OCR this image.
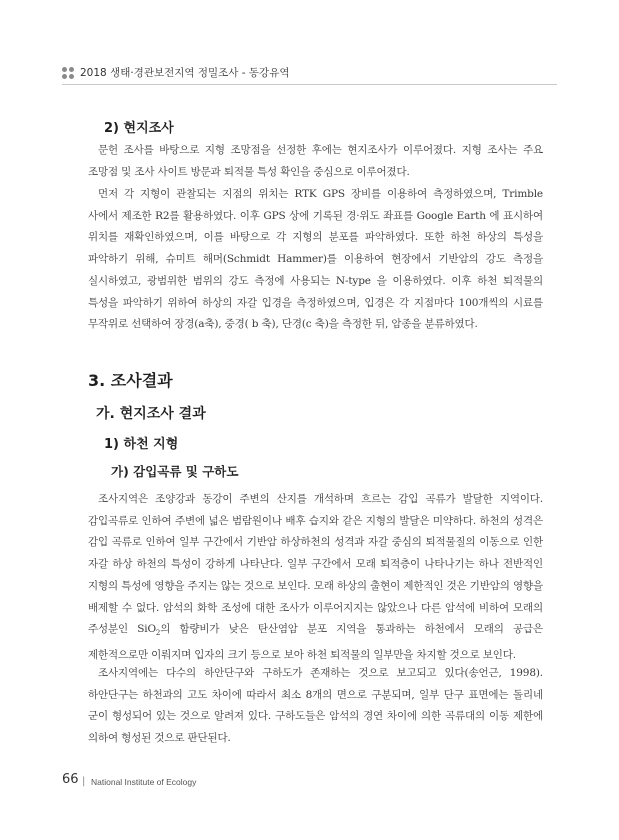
2018 생태·경관보전지역 정밀조사 - 동강유역
2) 현지조사
문헌 조사를 바탕으로 지형 조망점을 선정한 후에는 현지조사가 이루어졌다. 지형 조사는 주요 조망점 및 조사 사이트 방문과 퇴적물 특성 확인을 중심으로 이루어졌다.
먼저 각 지형이 관찰되는 지점의 위치는 RTK GPS 장비를 이용하여 측정하였으며, Trimble 사에서 제조한 R2를 활용하였다. 이후 GPS 상에 기록된 경·위도 좌표를 Google Earth 에 표시하여 위치를 재확인하였으며, 이를 바탕으로 각 지형의 분포를 파악하였다. 또한 하천 하상의 특성을 파악하기 위해, 슈미트 해머(Schmidt Hammer)를 이용하여 현장에서 기반암의 강도 측정을 실시하였고, 광범위한 범위의 강도 측정에 사용되는 N-type 을 이용하였다. 이후 하천 퇴적물의 특성을 파악하기 위하여 하상의 자갈 입경을 측정하였으며, 입경은 각 지점마다 100개씩의 시료를 무작위로 선택하여 장경(a축), 중경( b 축), 단경(c 축)을 측정한 뒤, 암종을 분류하였다.
3. 조사결과
가. 현지조사 결과
1) 하천 지형
가) 감입곡류 및 구하도
조사지역은 조양강과 동강이 주변의 산지를 개석하며 흐르는 감입 곡류가 발달한 지역이다. 감입곡류로 인하여 주변에 넓은 범람원이나 배후 습지와 같은 지형의 발달은 미약하다. 하천의 성격은 감입 곡류로 인하여 일부 구간에서 기반암 하상하천의 성격과 자갈 중심의 퇴적물질의 이동으로 인한 자갈 하상 하천의 특성이 강하게 나타난다. 일부 구간에서 모래 퇴적층이 나타나기는 하나 전반적인 지형의 특성에 영향을 주지는 않는 것으로 보인다. 모래 하상의 출현이 제한적인 것은 기반암의 영향을 배제할 수 없다. 암석의 화학 조성에 대한 조사가 이루어지지는 않았으나 다른 암석에 비하여 모래의 주성분인 SiO$_2$의 함량비가 낮은 탄산염암 분포 지역을 통과하는 하천에서 모래의 공급은 제한적으로만 이뤄지며 입자의 크기 등으로 보아 하천 퇴적물의 일부만을 차지할 것으로 보인다.
조사지역에는 다수의 하안단구와 구하도가 존재하는 것으로 보고되고 있다(송언근, 1998). 하안단구는 하천과의 고도 차이에 따라서 최소 8개의 면으로 구분되며, 일부 단구 표면에는 돌리네 군이 형성되어 있는 것으로 알려져 있다. 구하도들은 암석의 경연 차이에 의한 곡류대의 이동 제한에 의하여 형성된 것으로 판단된다.
66 | National Institute of Ecology
